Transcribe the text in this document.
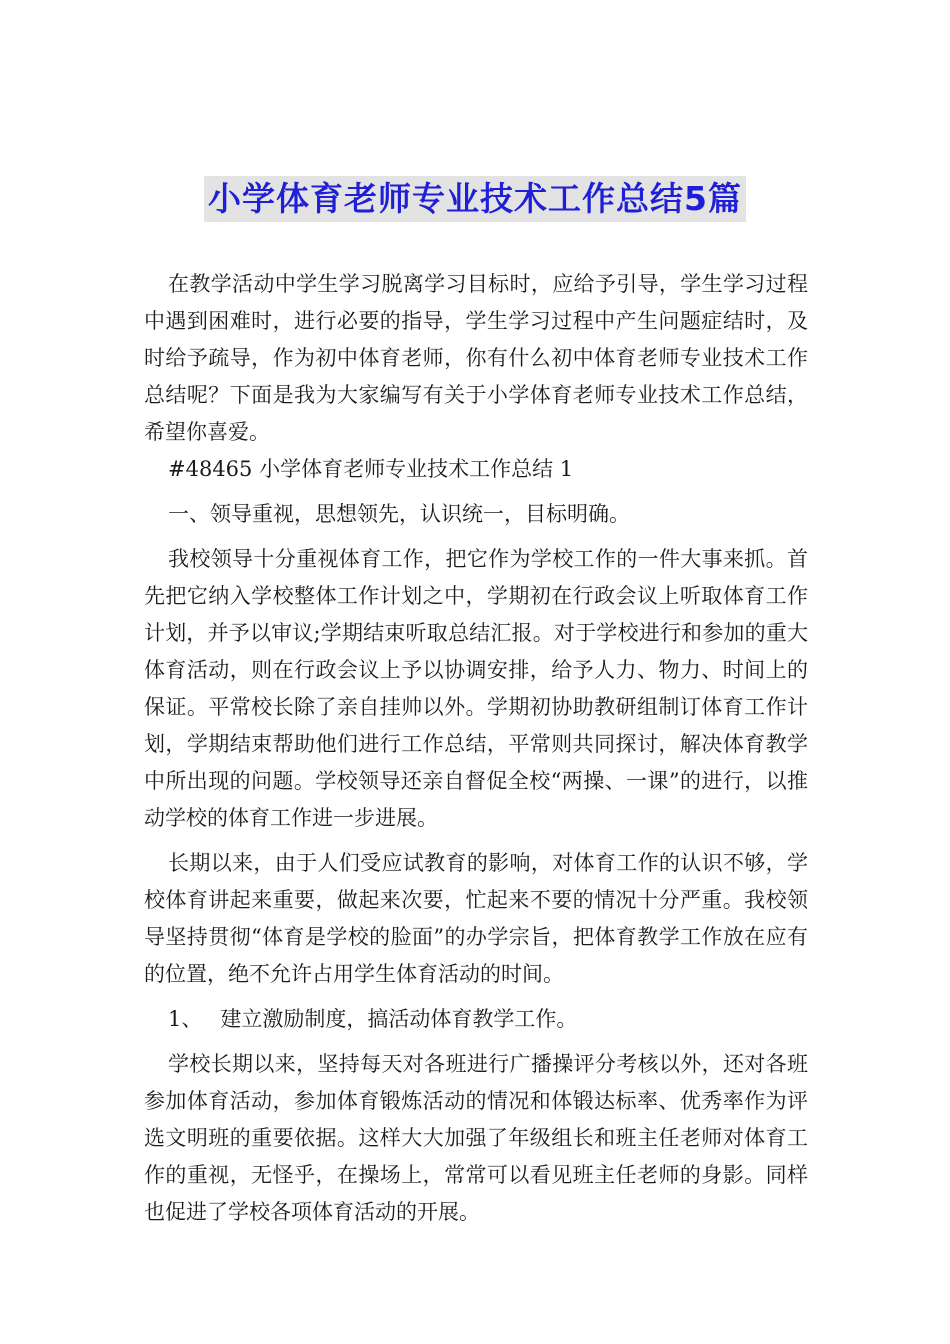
小学体育老师专业技术工作总结5篇

在教学活动中学生学习脱离学习目标时，应给予引导，学生学习过程中遇到困难时，进行必要的指导，学生学习过程中产生问题症结时，及时给予疏导，作为初中体育老师，你有什么初中体育老师专业技术工作总结呢？下面是我为大家编写有关于小学体育老师专业技术工作总结，希望你喜爱。

#48465 小学体育老师专业技术工作总结 1

一、领导重视，思想领先，认识统一，目标明确。

我校领导十分重视体育工作，把它作为学校工作的一件大事来抓。首先把它纳入学校整体工作计划之中，学期初在行政会议上听取体育工作计划，并予以审议;学期结束听取总结汇报。对于学校进行和参加的重大体育活动，则在行政会议上予以协调安排，给予人力、物力、时间上的保证。平常校长除了亲自挂帅以外。学期初协助教研组制订体育工作计划，学期结束帮助他们进行工作总结，平常则共同探讨，解决体育教学中所出现的问题。学校领导还亲自督促全校“两操、一课”的进行，以推动学校的体育工作进一步进展。

长期以来，由于人们受应试教育的影响，对体育工作的认识不够，学校体育讲起来重要，做起来次要，忙起来不要的情况十分严重。我校领导坚持贯彻“体育是学校的脸面”的办学宗旨，把体育教学工作放在应有的位置，绝不允许占用学生体育活动的时间。

1、 建立激励制度，搞活动体育教学工作。

学校长期以来，坚持每天对各班进行广播操评分考核以外，还对各班参加体育活动，参加体育锻炼活动的情况和体锻达标率、优秀率作为评选文明班的重要依据。这样大大加强了年级组长和班主任老师对体育工作的重视，无怪乎，在操场上，常常可以看见班主任老师的身影。同样也促进了学校各项体育活动的开展。
